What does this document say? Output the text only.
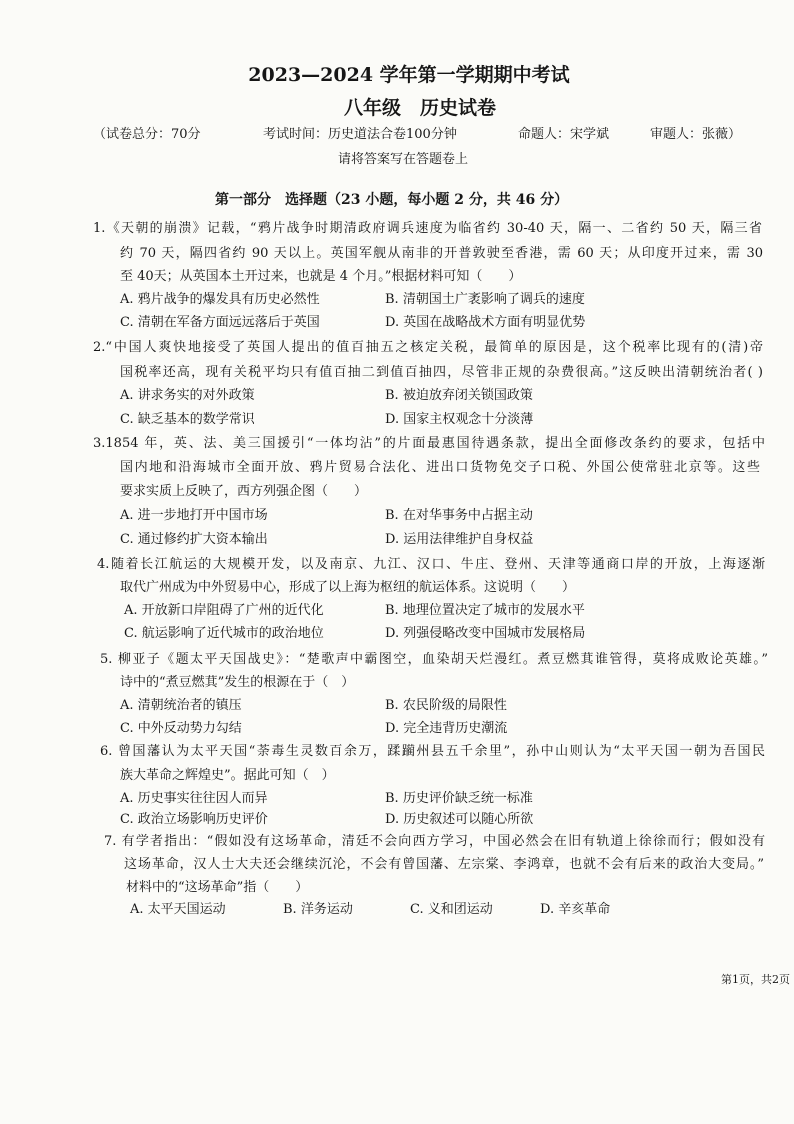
2023—2024 学年第一学期期中考试
八年级　历史试卷
（试卷总分：70分	考试时间：历史道法合卷100分钟	命题人：宋学斌	审题人：张薇）
请将答案写在答题卷上
第一部分　选择题（23 小题，每小题 2 分，共 46 分）
1.《天朝的崩溃》记载，“鸦片战争时期清政府调兵速度为临省约 30-40 天，隔一、二省约 50 天，隔三省
约 70 天，隔四省约 90 天以上。英国军舰从南非的开普敦驶至香港，需 60 天；从印度开过来，需 30
至 40天；从英国本土开过来，也就是 4 个月。”根据材料可知（　　）
A. 鸦片战争的爆发具有历史必然性	B. 清朝国土广袤影响了调兵的速度
C. 清朝在军备方面远远落后于英国	D. 英国在战略战术方面有明显优势
2.“中国人爽快地接受了英国人提出的值百抽五之核定关税，最简单的原因是，这个税率比现有的(清)帝
国税率还高，现有关税平均只有值百抽二到值百抽四，尽管非正规的杂费很高。”这反映出清朝统治者( )
A. 讲求务实的对外政策	B. 被迫放弃闭关锁国政策
C. 缺乏基本的数学常识	D. 国家主权观念十分淡薄
3.1854 年，英、法、美三国援引“一体均沾”的片面最惠国待遇条款，提出全面修改条约的要求，包括中
国内地和沿海城市全面开放、鸦片贸易合法化、进出口货物免交子口税、外国公使常驻北京等。这些
要求实质上反映了，西方列强企图（　　）
A. 进一步地打开中国市场	B. 在对华事务中占据主动
C. 通过修约扩大资本输出	D. 运用法律维护自身权益
4.随着长江航运的大规模开发，以及南京、九江、汉口、牛庄、登州、天津等通商口岸的开放，上海逐渐
取代广州成为中外贸易中心，形成了以上海为枢纽的航运体系。这说明（　　）
A. 开放新口岸阻碍了广州的近代化	B. 地理位置决定了城市的发展水平
C. 航运影响了近代城市的政治地位	D. 列强侵略改变中国城市发展格局
5. 柳亚子《题太平天国战史》：“楚歌声中霸图空，血染胡天烂漫红。煮豆燃萁谁管得，莫将成败论英雄。”
诗中的“煮豆燃萁”发生的根源在于（　）
A. 清朝统治者的镇压	B. 农民阶级的局限性
C. 中外反动势力勾结	D. 完全违背历史潮流
6. 曾国藩认为太平天国“荼毒生灵数百余万，蹂躏州县五千余里”，孙中山则认为“太平天国一朝为吾国民
族大革命之辉煌史”。据此可知（　）
A. 历史事实往往因人而异	B. 历史评价缺乏统一标准
C. 政治立场影响历史评价	D. 历史叙述可以随心所欲
7. 有学者指出：“假如没有这场革命，清廷不会向西方学习，中国必然会在旧有轨道上徐徐而行；假如没有
这场革命，汉人士大夫还会继续沉沦，不会有曾国藩、左宗棠、李鸿章，也就不会有后来的政治大变局。”
材料中的“这场革命”指（　　）
A. 太平天国运动	B. 洋务运动	C. 义和团运动	D. 辛亥革命
第1页，共2页
